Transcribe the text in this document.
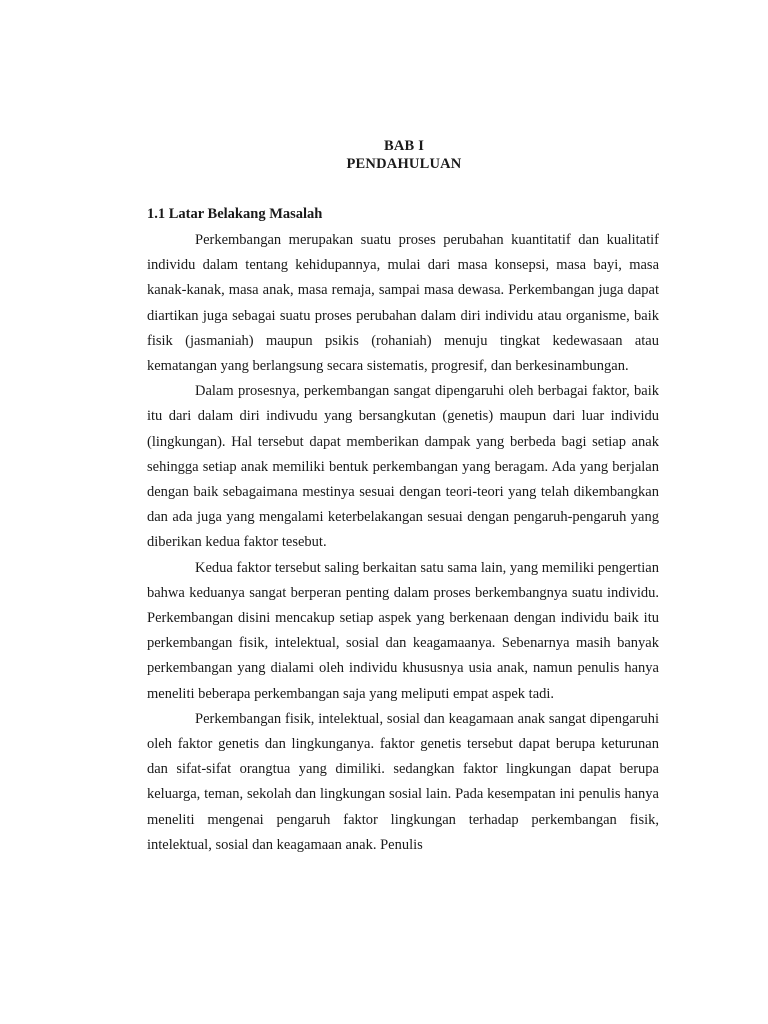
BAB I
PENDAHULUAN
1.1 Latar Belakang Masalah

Perkembangan merupakan suatu proses perubahan kuantitatif dan kualitatif individu dalam tentang kehidupannya, mulai dari masa konsepsi, masa bayi, masa kanak-kanak, masa anak, masa remaja, sampai masa dewasa. Perkembangan juga dapat diartikan juga sebagai suatu proses perubahan dalam diri individu atau organisme, baik fisik (jasmaniah) maupun psikis (rohaniah) menuju tingkat kedewasaan atau kematangan yang berlangsung secara sistematis, progresif, dan berkesinambungan.

Dalam prosesnya, perkembangan sangat dipengaruhi oleh berbagai faktor, baik itu dari dalam diri indivudu yang bersangkutan (genetis) maupun dari luar individu (lingkungan). Hal tersebut dapat memberikan dampak yang berbeda bagi setiap anak sehingga setiap anak memiliki bentuk perkembangan yang beragam. Ada yang berjalan dengan baik sebagaimana mestinya sesuai dengan teori-teori yang telah dikembangkan dan ada juga yang mengalami keterbelakangan sesuai dengan pengaruh-pengaruh yang diberikan kedua faktor tesebut.

Kedua faktor tersebut saling berkaitan satu sama lain, yang memiliki pengertian bahwa keduanya sangat berperan penting dalam proses berkembangnya suatu individu. Perkembangan disini mencakup setiap aspek yang berkenaan dengan individu baik itu perkembangan fisik, intelektual, sosial dan keagamaanya. Sebenarnya masih banyak perkembangan yang dialami oleh individu khususnya usia anak, namun penulis hanya meneliti beberapa perkembangan saja yang meliputi empat aspek tadi.

Perkembangan fisik, intelektual, sosial dan keagamaan anak sangat dipengaruhi oleh faktor genetis dan lingkunganya. faktor genetis tersebut dapat berupa keturunan dan sifat-sifat orangtua yang dimiliki. sedangkan faktor lingkungan dapat berupa keluarga, teman, sekolah dan lingkungan sosial lain. Pada kesempatan ini penulis hanya meneliti mengenai pengaruh faktor lingkungan terhadap perkembangan fisik, intelektual, sosial dan keagamaan anak. Penulis
